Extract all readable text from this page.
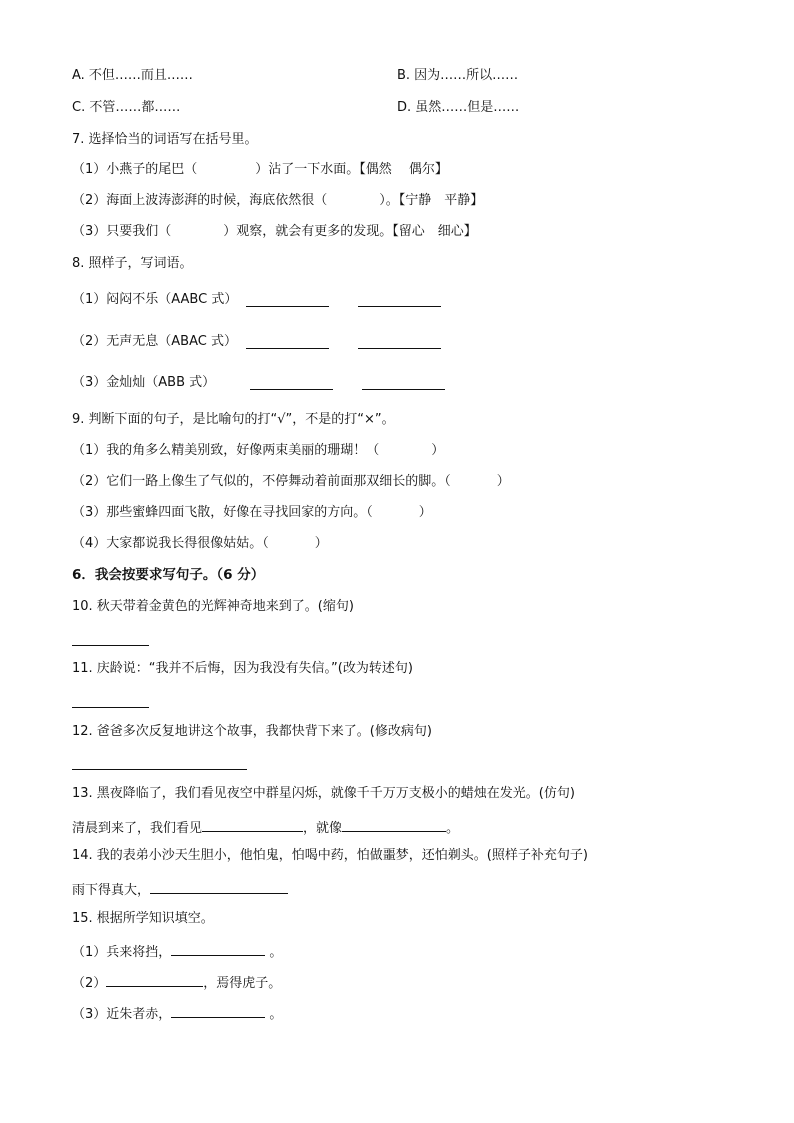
A. 不但……而且……	B. 因为……所以……
C. 不管……都……	D. 虽然……但是……
7. 选择恰当的词语写在括号里。
（1）小燕子的尾巴（	）沾了一下水面。【偶然　 偶尔】
（2）海面上波涛澎湃的时候，海底依然很（	）。【宁静　平静】
（3）只要我们（	）观察，就会有更多的发现。【留心　细心】
8. 照样子，写词语。
（1）闷闷不乐（AABC 式）
（2）无声无息（ABAC 式）
（3）金灿灿（ABB 式）
9. 判断下面的句子，是比喻句的打“√”，不是的打“×”。
（1）我的角多么精美别致，好像两束美丽的珊瑚！（	）
（2）它们一路上像生了气似的，不停舞动着前面那双细长的脚。（	）
（3）那些蜜蜂四面飞散，好像在寻找回家的方向。（	）
（4）大家都说我长得很像姑姑。（	）
6．我会按要求写句子。（6 分）
10. 秋天带着金黄色的光辉神奇地来到了。(缩句)
11. 庆龄说：“我并不后悔，因为我没有失信。”(改为转述句)
12. 爸爸多次反复地讲这个故事，我都快背下来了。(修改病句)
13. 黑夜降临了，我们看见夜空中群星闪烁，就像千千万万支极小的蜡烛在发光。(仿句)
清晨到来了，我们看见	，就像	。
14. 我的表弟小沙天生胆小，他怕鬼，怕喝中药，怕做噩梦，还怕剃头。(照样子补充句子)
雨下得真大，
15. 根据所学知识填空。
（1）兵来将挡，	。
（2）	，焉得虎子。
（3）近朱者赤，	。
